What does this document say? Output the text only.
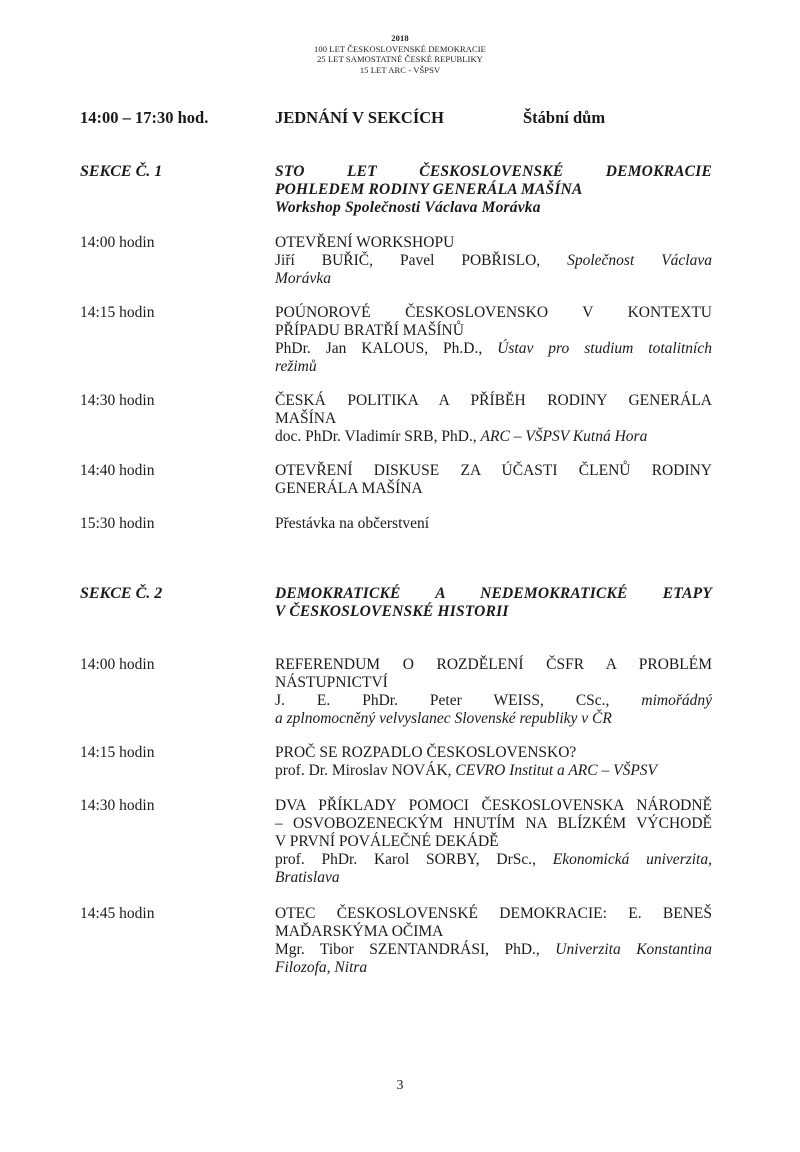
2018
100 LET ČESKOSLOVENSKÉ DEMOKRACIE
25 LET SAMOSTATNÉ ČESKÉ REPUBLIKY
15 LET ARC - VŠPSV
14:00 – 17:30 hod.	JEDNÁNÍ V SEKCÍCH	Štábní dům
SEKCE Č. 1	STO LET ČESKOSLOVENSKÉ DEMOKRACIE
POHLEDEM RODINY GENERÁLA MAŠÍNA
Workshop Společnosti Václava Morávka
14:00 hodin	OTEVŘENÍ WORKSHOPU
Jiří BUŘIČ, Pavel POBŘISLO, Společnost Václava
Morávka
14:15 hodin	POÚNOROVÉ ČESKOSLOVENSKO V KONTEXTU
PŘÍPADU BRATŘÍ MAŠÍNŮ
PhDr. Jan KALOUS, Ph.D., Ústav pro studium totalitních
režimů
14:30 hodin	ČESKÁ POLITIKA A PŘÍBĚH RODINY GENERÁLA
MAŠÍNA
doc. PhDr. Vladimír SRB, PhD., ARC – VŠPSV Kutná Hora
14:40 hodin	OTEVŘENÍ DISKUSE ZA ÚČASTI ČLENŮ RODINY
GENERÁLA MAŠÍNA
15:30 hodin	Přestávka na občerstvení
SEKCE Č. 2	DEMOKRATICKÉ A NEDEMOKRATICKÉ ETAPY
V ČESKOSLOVENSKÉ HISTORII
14:00 hodin	REFERENDUM O ROZDĚLENÍ ČSFR A PROBLÉM
NÁSTUPNICTVÍ
J. E. PhDr. Peter WEISS, CSc., mimořádný
a zplnomocněný velvyslanec Slovenské republiky v ČR
14:15 hodin	PROČ SE ROZPADLO ČESKOSLOVENSKO?
prof. Dr. Miroslav NOVÁK, CEVRO Institut a ARC – VŠPSV
14:30 hodin	DVA PŘÍKLADY POMOCI ČESKOSLOVENSKA NÁRODNĚ
– OSVOBOZENECKÝM HNUTÍM NA BLÍZKÉM VÝCHODĚ
V PRVNÍ POVÁLEČNÉ DEKÁDĚ
prof. PhDr. Karol SORBY, DrSc., Ekonomická univerzita,
Bratislava
14:45 hodin	OTEC ČESKOSLOVENSKÉ DEMOKRACIE: E. BENEŠ
MAĎARSKÝMA OČIMA
Mgr. Tibor SZENTANDRÁSI, PhD., Univerzita Konstantina
Filozofa, Nitra
3
